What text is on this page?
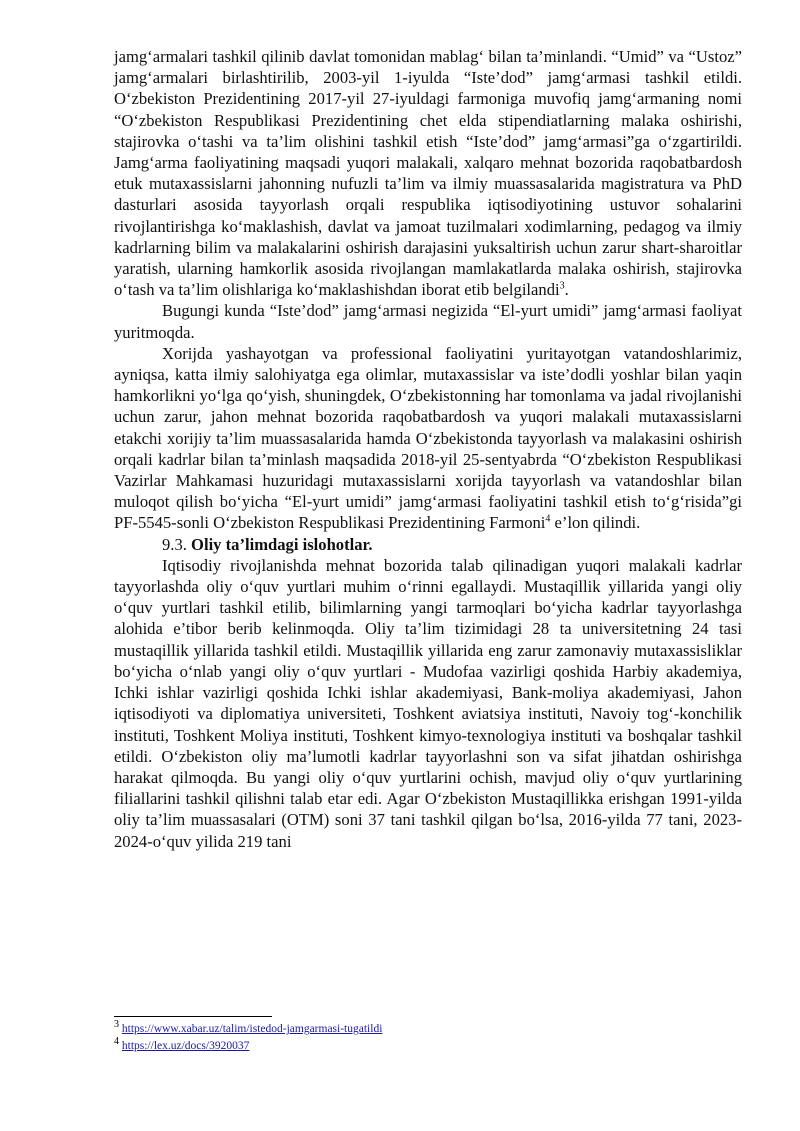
jamg‘armalari tashkil qilinib davlat tomonidan mablag‘ bilan ta’minlandi. “Umid” va “Ustoz” jamg‘armalari birlashtirilib, 2003-yil 1-iyulda “Iste’dod” jamg‘armasi tashkil etildi. O‘zbekiston Prezidentining 2017-yil 27-iyuldagi farmoniga muvofiq jamg‘armaning nomi “O‘zbekiston Respublikasi Prezidentining chet elda stipendiatlarning malaka oshirishi, stajirovka o‘tashi va ta’lim olishini tashkil etish “Iste’dod” jamg‘armasi”ga o‘zgartirildi. Jamg‘arma faoliyatining maqsadi yuqori malakali, xalqaro mehnat bozorida raqobatbardosh etuk mutaxassislarni jahonning nufuzli ta’lim va ilmiy muassasalarida magistratura va PhD dasturlari asosida tayyorlash orqali respublika iqtisodiyotining ustuvor sohalarini rivojlantirishga ko‘maklashish, davlat va jamoat tuzilmalari xodimlarning, pedagog va ilmiy kadrlarning bilim va malakalarini oshirish darajasini yuksaltirish uchun zarur shart-sharoitlar yaratish, ularning hamkorlik asosida rivojlangan mamlakatlarda malaka oshirish, stajirovka o‘tash va ta’lim olishlariga ko‘maklashishdan iborat etib belgilandi$^3$.

Bugungi kunda “Iste’dod” jamg‘armasi negizida “El-yurt umidi” jamg‘armasi faoliyat yuritmoqda.

Xorijda yashayotgan va professional faoliyatini yuritayotgan vatandoshlarimiz, ayniqsa, katta ilmiy salohiyatga ega olimlar, mutaxassislar va iste’dodli yoshlar bilan yaqin hamkorlikni yo‘lga qo‘yish, shuningdek, O‘zbekistonning har tomonlama va jadal rivojlanishi uchun zarur, jahon mehnat bozorida raqobatbardosh va yuqori malakali mutaxassislarni etakchi xorijiy ta’lim muassasalarida hamda O‘zbekistonda tayyorlash va malakasini oshirish orqali kadrlar bilan ta’minlash maqsadida 2018-yil 25-sentyabrda “O‘zbekiston Respublikasi Vazirlar Mahkamasi huzuridagi mutaxassislarni xorijda tayyorlash va vatandoshlar bilan muloqot qilish bo‘yicha “El-yurt umidi” jamg‘armasi faoliyatini tashkil etish to‘g‘risida”gi PF-5545-sonli O‘zbekiston Respublikasi Prezidentining Farmoni$^4$ e’lon qilindi.

9.3. Oliy ta’limdagi islohotlar.

Iqtisodiy rivojlanishda mehnat bozorida talab qilinadigan yuqori malakali kadrlar tayyorlashda oliy o‘quv yurtlari muhim o‘rinni egallaydi. Mustaqillik yillarida yangi oliy o‘quv yurtlari tashkil etilib, bilimlarning yangi tarmoqlari bo‘yicha kadrlar tayyorlashga alohida e’tibor berib kelinmoqda. Oliy ta’lim tizimidagi 28 ta universitetning 24 tasi mustaqillik yillarida tashkil etildi. Mustaqillik yillarida eng zarur zamonaviy mutaxassisliklar bo‘yicha o‘nlab yangi oliy o‘quv yurtlari - Mudofaa vazirligi qoshida Harbiy akademiya, Ichki ishlar vazirligi qoshida Ichki ishlar akademiyasi, Bank-moliya akademiyasi, Jahon iqtisodiyoti va diplomatiya universiteti, Toshkent aviatsiya instituti, Navoiy tog‘-konchilik instituti, Toshkent Moliya instituti, Toshkent kimyo-texnologiya instituti va boshqalar tashkil etildi. O‘zbekiston oliy ma’lumotli kadrlar tayyorlashni son va sifat jihatdan oshirishga harakat qilmoqda. Bu yangi oliy o‘quv yurtlarini ochish, mavjud oliy o‘quv yurtlarining filiallarini tashkil qilishni talab etar edi. Agar O‘zbekiston Mustaqillikka erishgan 1991-yilda oliy ta’lim muassasalari (OTM) soni 37 tani tashkil qilgan bo‘lsa, 2016-yilda 77 tani, 2023-2024-o‘quv yilida 219 tani

$^3$ https://www.xabar.uz/talim/istedod-jamgarmasi-tugatildi

$^4$ https://lex.uz/docs/3920037
